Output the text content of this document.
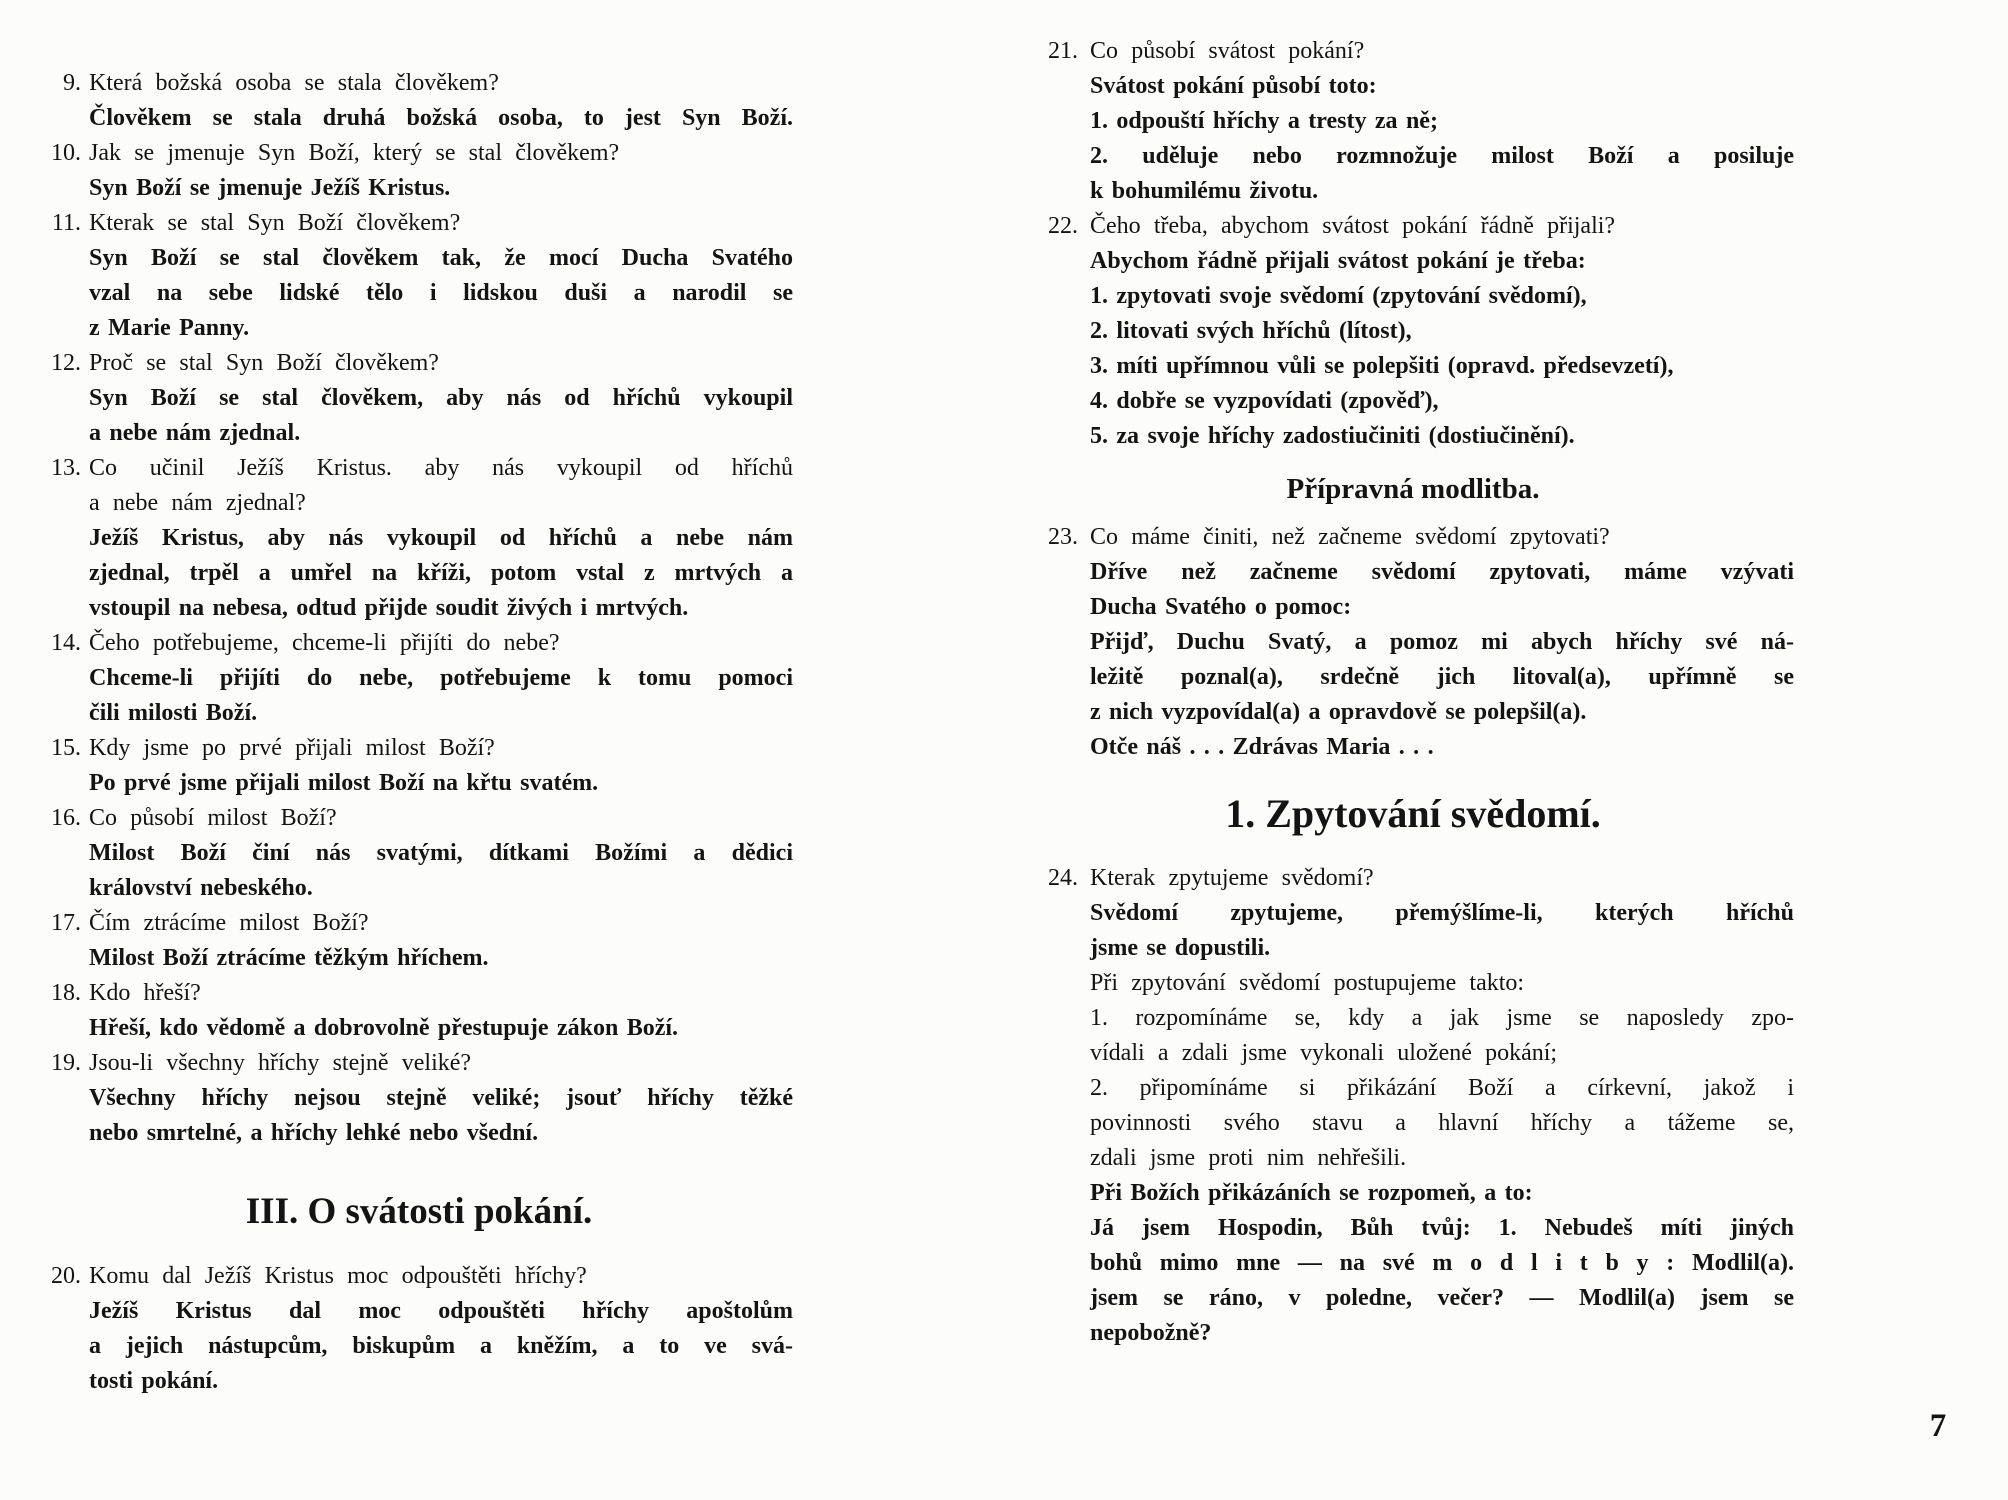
9. Která božská osoba se stala člověkem?
Člověkem se stala druhá božská osoba, to jest Syn Boží.
10. Jak se jmenuje Syn Boží, který se stal člověkem?
Syn Boží se jmenuje Ježíš Kristus.
11. Kterak se stal Syn Boží člověkem?
Syn Boží se stal člověkem tak, že mocí Ducha Svatého
vzal na sebe lidské tělo i lidskou duši a narodil se
z Marie Panny.
12. Proč se stal Syn Boží člověkem?
Syn Boží se stal člověkem, aby nás od hříchů vykoupil
a nebe nám zjednal.
13. Co učinil Ježíš Kristus. aby nás vykoupil od hříchů
a nebe nám zjednal?
Ježíš Kristus, aby nás vykoupil od hříchů a nebe nám
zjednal, trpěl a umřel na kříži, potom vstal z mrtvých a
vstoupil na nebesa, odtud přijde soudit živých i mrtvých.
14. Čeho potřebujeme, chceme-li přijíti do nebe?
Chceme-li přijíti do nebe, potřebujeme k tomu pomoci
čili milosti Boží.
15. Kdy jsme po prvé přijali milost Boží?
Po prvé jsme přijali milost Boží na křtu svatém.
16. Co působí milost Boží?
Milost Boží činí nás svatými, dítkami Božími a dědici
království nebeského.
17. Čím ztrácíme milost Boží?
Milost Boží ztrácíme těžkým hříchem.
18. Kdo hřeší?
Hřeší, kdo vědomě a dobrovolně přestupuje zákon Boží.
19. Jsou-li všechny hříchy stejně veliké?
Všechny hříchy nejsou stejně veliké; jsouť hříchy těžké
nebo smrtelné, a hříchy lehké nebo všední.
III. O svátosti pokání.
20. Komu dal Ježíš Kristus moc odpouštěti hříchy?
Ježíš Kristus dal moc odpouštěti hříchy apoštolům
a jejich nástupcům, biskupům a kněžím, a to ve svá-
tosti pokání.
21. Co působí svátost pokání?
Svátost pokání působí toto:
1. odpouští hříchy a tresty za ně;
2. uděluje nebo rozmnožuje milost Boží a posiluje
k bohumilému životu.
22. Čeho třeba, abychom svátost pokání řádně přijali?
Abychom řádně přijali svátost pokání je třeba:
1. zpytovati svoje svědomí (zpytování svědomí),
2. litovati svých hříchů (lítost),
3. míti upřímnou vůli se polepšiti (opravd. předsevzetí),
4. dobře se vyzpovídati (zpověď),
5. za svoje hříchy zadostiučiniti (dostiučinění).
Přípravná modlitba.
23. Co máme činiti, než začneme svědomí zpytovati?
Dříve než začneme svědomí zpytovati, máme vzývati
Ducha Svatého o pomoc:
Přijď, Duchu Svatý, a pomoz mi abych hříchy své ná-
ležitě poznal(a), srdečně jich litoval(a), upřímně se
z nich vyzpovídal(a) a opravdově se polepšil(a).
Otče náš . . . Zdrávas Maria . . .
1. Zpytování svědomí.
24. Kterak zpytujeme svědomí?
Svědomí zpytujeme, přemýšlíme-li, kterých hříchů
jsme se dopustili.
Při zpytování svědomí postupujeme takto:
1. rozpomínáme se, kdy a jak jsme se naposledy zpo-
vídali a zdali jsme vykonali uložené pokání;
2. připomínáme si přikázání Boží a církevní, jakož i
povinnosti svého stavu a hlavní hříchy a tážeme se,
zdali jsme proti nim nehřešili.
Při Božích přikázáních se rozpomeň, a to:
Já jsem Hospodin, Bůh tvůj: 1. Nebudeš míti jiných
bohů mimo mne — na své m o d l i t b y : Modlil(a).
jsem se ráno, v poledne, večer? — Modlil(a) jsem se
nepobožně?
7
